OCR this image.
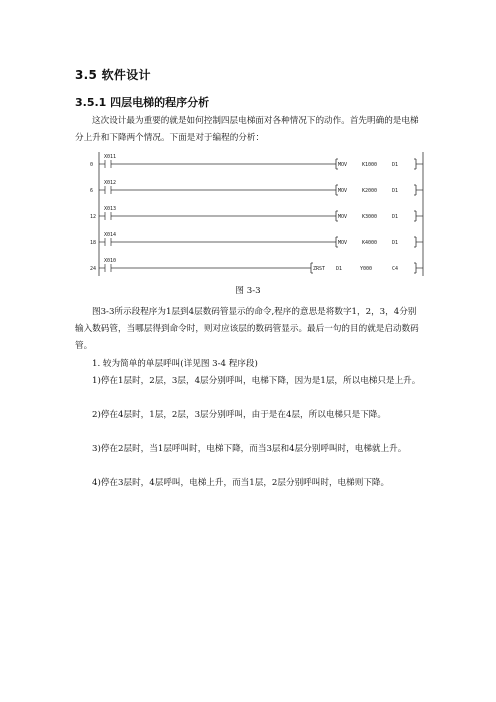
3.5 软件设计
3.5.1 四层电梯的程序分析
这次设计最为重要的就是如何控制四层电梯面对各种情况下的动作。首先明确的是电梯分上升和下降两个情况。下面是对于编程的分析：
0
X011
MOV	K1000	D1
6
X012
MOV	K2000	D1
12
X013
MOV	K3000	D1
18
X014
MOV	K4000	D1
24
X010
ZRST D1	Y000	C4
图 3-3
图3-3所示段程序为1层到4层数码管显示的命令,程序的意思是将数字1，2，3，4分别输入数码管，当哪层得到命令时，则对应该层的数码管显示。最后一句的目的就是启动数码管。
1. 较为简单的单层呼叫(详见图 3-4 程序段)
1)停在1层时，2层，3层，4层分别呼叫，电梯下降，因为是1层，所以电梯只是上升。
2)停在4层时，1层，2层，3层分别呼叫，由于是在4层，所以电梯只是下降。
3)停在2层时，当1层呼叫时，电梯下降，而当3层和4层分别呼叫时，电梯就上升。
4)停在3层时，4层呼叫，电梯上升，而当1层，2层分别呼叫时，电梯则下降。
